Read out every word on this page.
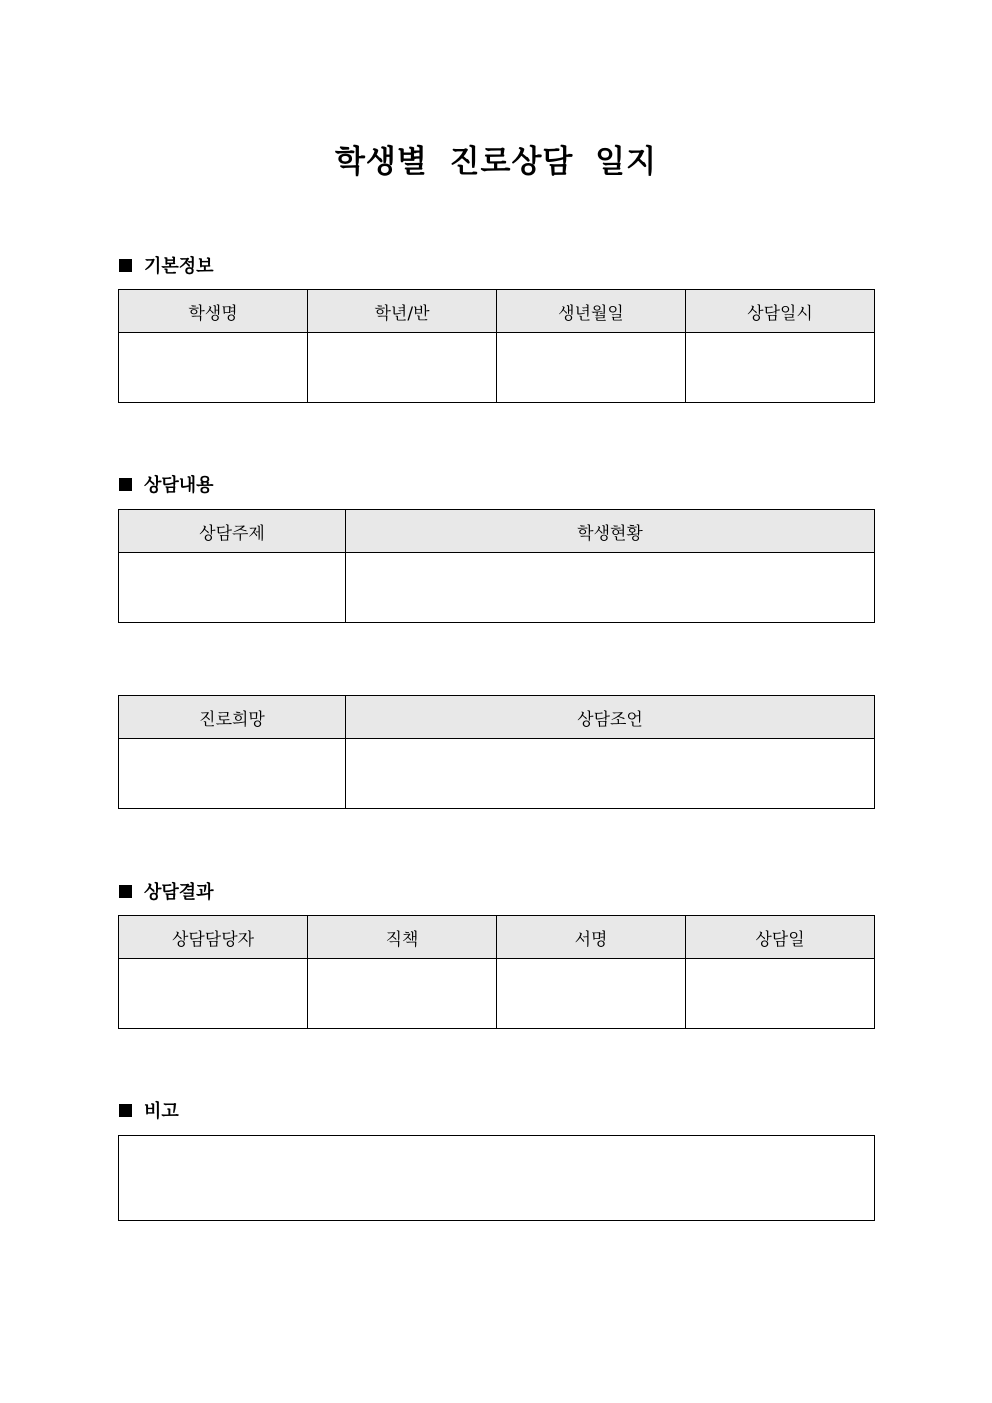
학생별 진로상담 일지
기본정보
학생명	학년/반	생년월일	상담일시

상담내용
상담주제	학생현황

진로희망	상담조언

상담결과
상담담당자	직책	서명	상담일

비고
